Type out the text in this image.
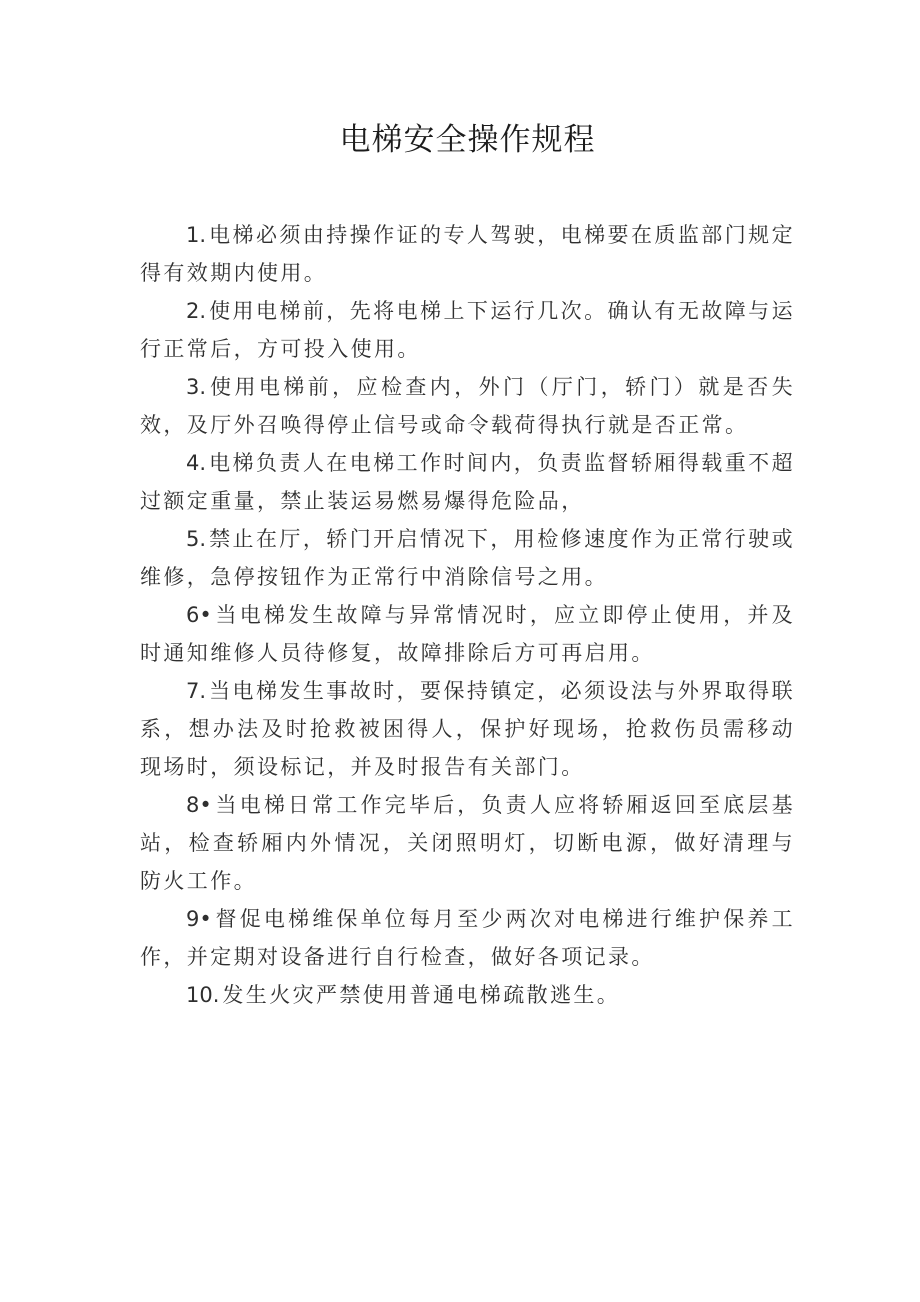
电梯安全操作规程
1. 电梯必须由持操作证的专人驾驶，电梯要在质监部门规定得有效期内使用。
2. 使用电梯前，先将电梯上下运行几次。确认有无故障与运行正常后，方可投入使用。
3. 使用电梯前，应检查内，外门（厅门，轿门）就是否失效，及厅外召唤得停止信号或命令载荷得执行就是否正常。
4. 电梯负责人在电梯工作时间内，负责监督轿厢得载重不超过额定重量，禁止装运易燃易爆得危险品，
5. 禁止在厅，轿门开启情况下，用检修速度作为正常行驶或维修，急停按钮作为正常行中消除信号之用。
6• 当电梯发生故障与异常情况时，应立即停止使用，并及时通知维修人员待修复，故障排除后方可再启用。
7. 当电梯发生事故时，要保持镇定，必须设法与外界取得联系，想办法及时抢救被困得人，保护好现场，抢救伤员需移动现场时，须设标记，并及时报告有关部门。
8• 当电梯日常工作完毕后，负责人应将轿厢返回至底层基站，检查轿厢内外情况，关闭照明灯，切断电源，做好清理与防火工作。
9• 督促电梯维保单位每月至少两次对电梯进行维护保养工作，并定期对设备进行自行检查，做好各项记录。
10. 发生火灾严禁使用普通电梯疏散逃生。
